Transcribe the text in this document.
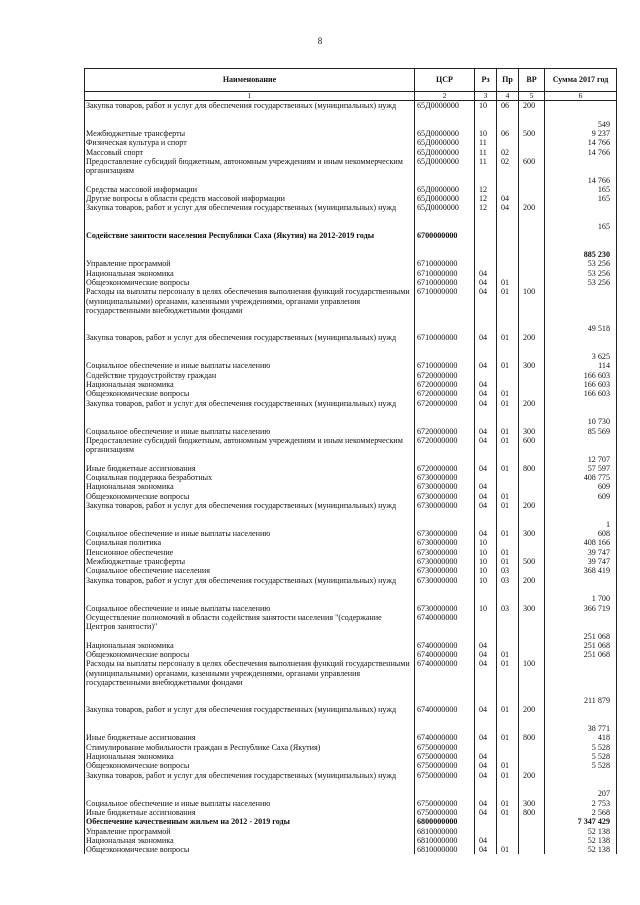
8
Наименование	ЦСР	Рз	Пр	ВР	Сумма 2017 год
1	2	3	4	5	6
Закупка товаров, работ и услуг для обеспечения государственных (муниципальных) нужд	65Д0000000	10	06	200	549
Межбюджетные трансферты	65Д0000000	10	06	500	9 237
Физическая культура и спорт	65Д0000000	11			14 766
Массовый спорт	65Д0000000	11	02		14 766
Предоставление субсидий бюджетным, автономным учреждениям и иным некоммерческим организациям	65Д0000000	11	02	600	14 766
Средства массовой информации	65Д0000000	12			165
Другие вопросы в области средств массовой информации	65Д0000000	12	04		165
Закупка товаров, работ и услуг для обеспечения государственных (муниципальных) нужд	65Д0000000	12	04	200	165
Содействие занятости населения Республики Саха (Якутия) на 2012-2019 годы	6700000000				885 230
Управление программой	6710000000				53 256
Национальная экономика	6710000000	04			53 256
Общеэкономические вопросы	6710000000	04	01		53 256
Расходы на выплаты персоналу в целях обеспечения выполнения функций государственными (муниципальными) органами, казенными учреждениями, органами управления государственными внебюджетными фондами	6710000000	04	01	100	49 518
Закупка товаров, работ и услуг для обеспечения государственных (муниципальных) нужд	6710000000	04	01	200	3 625
Социальное обеспечение и иные выплаты населению	6710000000	04	01	300	114
Содействие трудоустройству граждан	6720000000				166 603
Национальная экономика	6720000000	04			166 603
Общеэкономические вопросы	6720000000	04	01		166 603
Закупка товаров, работ и услуг для обеспечения государственных (муниципальных) нужд	6720000000	04	01	200	10 730
Социальное обеспечение и иные выплаты населению	6720000000	04	01	300	85 569
Предоставление субсидий бюджетным, автономным учреждениям и иным некоммерческим организациям	6720000000	04	01	600	12 707
Иные бюджетные ассигнования	6720000000	04	01	800	57 597
Социальная поддержка безработных	6730000000				408 775
Национальная экономика	6730000000	04			609
Общеэкономические вопросы	6730000000	04	01		609
Закупка товаров, работ и услуг для обеспечения государственных (муниципальных) нужд	6730000000	04	01	200	1
Социальное обеспечение и иные выплаты населению	6730000000	04	01	300	608
Социальная политика	6730000000	10			408 166
Пенсионное обеспечение	6730000000	10	01		39 747
Межбюджетные трансферты	6730000000	10	01	500	39 747
Социальное обеспечение населения	6730000000	10	03		368 419
Закупка товаров, работ и услуг для обеспечения государственных (муниципальных) нужд	6730000000	10	03	200	1 700
Социальное обеспечение и иные выплаты населению	6730000000	10	03	300	366 719
Осуществление полномочий в области содействия занятости населения "(содержание Центров занятости)"	6740000000				251 068
Национальная экономика	6740000000	04			251 068
Общеэкономические вопросы	6740000000	04	01		251 068
Расходы на выплаты персоналу в целях обеспечения выполнения функций государственными (муниципальными) органами, казенными учреждениями, органами управления государственными внебюджетными фондами	6740000000	04	01	100	211 879
Закупка товаров, работ и услуг для обеспечения государственных (муниципальных) нужд	6740000000	04	01	200	38 771
Иные бюджетные ассигнования	6740000000	04	01	800	418
Стимулирование мобильности граждан в Республике Саха (Якутия)	6750000000				5 528
Национальная экономика	6750000000	04			5 528
Общеэкономические вопросы	6750000000	04	01		5 528
Закупка товаров, работ и услуг для обеспечения государственных (муниципальных) нужд	6750000000	04	01	200	207
Социальное обеспечение и иные выплаты населению	6750000000	04	01	300	2 753
Иные бюджетные ассигнования	6750000000	04	01	800	2 568
Обеспечение качественным жильем на 2012 - 2019 годы	6800000000				7 347 429
Управление программой	6810000000				52 138
Национальная экономика	6810000000	04			52 138
Общеэкономические вопросы	6810000000	04	01		52 138
